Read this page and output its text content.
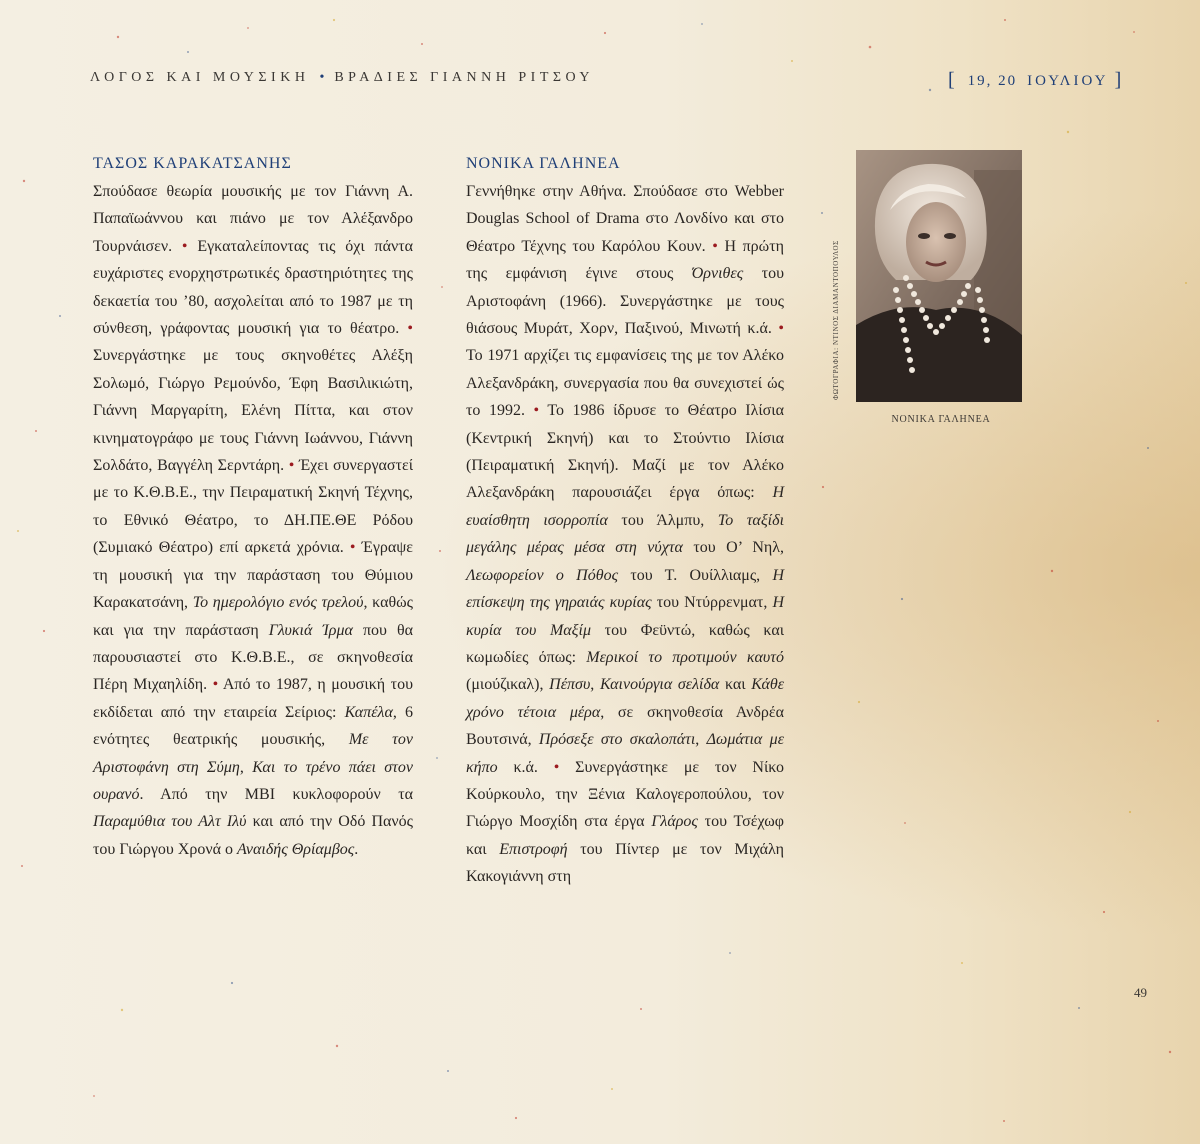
ΛΟΓΟΣ ΚΑΙ ΜΟΥΣΙΚΗ • ΒΡΑΔΙΕΣ ΓΙΑΝΝΗ ΡΙΤΣΟΥ	[ 19, 20 ΙΟΥΛΙΟΥ ]
ΤΑΣΟΣ ΚΑΡΑΚΑΤΣΑΝΗΣ

Σπούδασε θεωρία μουσικής με τον Γιάννη Α. Παπαϊωάννου και πιάνο με τον Αλέξανδρο Τουρνάισεν. • Εγκαταλείποντας τις όχι πάντα ευχάριστες ενορχηστρωτικές δραστηριότητες της δεκαετία του ’80, ασχολείται από το 1987 με τη σύνθεση, γράφοντας μουσική για το θέατρο. • Συνεργάστηκε με τους σκηνοθέτες Αλέξη Σολωμό, Γιώργο Ρεμούνδο, Έφη Βασιλικιώτη, Γιάννη Μαργαρίτη, Ελένη Πίττα, και στον κινηματογράφο με τους Γιάννη Ιωάννου, Γιάννη Σολδάτο, Βαγγέλη Σερντάρη. • Έχει συνεργαστεί με το Κ.Θ.Β.Ε., την Πειραματική Σκηνή Τέχνης, το Εθνικό Θέατρο, το ΔΗ.ΠΕ.ΘΕ Ρόδου (Συμιακό Θέατρο) επί αρκετά χρόνια. • Έγραψε τη μουσική για την παράσταση του Θύμιου Καρακατσάνη, Το ημερολόγιο ενός τρελού, καθώς και για την παράσταση Γλυκιά Ίρμα που θα παρουσιαστεί στο Κ.Θ.Β.Ε., σε σκηνοθεσία Πέρη Μιχαηλίδη. • Από το 1987, η μουσική του εκδίδεται από την εταιρεία Σείριος: Καπέλα, 6 ενότητες θεατρικής μουσικής, Με τον Αριστοφάνη στη Σύμη, Και το τρένο πάει στον ουρανό. Από την ΜΒΙ κυκλοφορούν τα Παραμύθια του Αλτ Ιλύ και από την Οδό Πανός του Γιώργου Χρονά ο Αναιδής Θρίαμβος.

ΝΟΝΙΚΑ ΓΑΛΗΝΕΑ

Γεννήθηκε στην Αθήνα. Σπούδασε στο Webber Douglas School of Drama στο Λονδίνο και στο Θέατρο Τέχνης του Καρόλου Κουν. • Η πρώτη της εμφάνιση έγινε στους Όρνιθες του Αριστοφάνη (1966). Συνεργάστηκε με τους θιάσους Μυράτ, Χορν, Παξινού, Μινωτή κ.ά. • Το 1971 αρχίζει τις εμφανίσεις της με τον Αλέκο Αλεξανδράκη, συνεργασία που θα συνεχιστεί ώς το 1992. • Το 1986 ίδρυσε το Θέατρο Ιλίσια (Κεντρική Σκηνή) και το Στούντιο Ιλίσια (Πειραματική Σκηνή). Μαζί με τον Αλέκο Αλεξανδράκη παρουσιάζει έργα όπως: Η ευαίσθητη ισορροπία του Άλμπυ, Το ταξίδι μεγάλης μέρας μέσα στη νύχτα του Ο’ Νηλ, Λεωφορείον ο Πόθος του Τ. Ουίλλιαμς, Η επίσκεψη της γηραιάς κυρίας του Ντύρρενματ, Η κυρία του Μαξίμ του Φεϋντώ, καθώς και κωμωδίες όπως: Μερικοί το προτιμούν καυτό (μιούζικαλ), Πέπσυ, Καινούργια σελίδα και Κάθε χρόνο τέτοια μέρα, σε σκηνοθεσία Ανδρέα Βουτσινά, Πρόσεξε στο σκαλοπάτι, Δωμάτια με κήπο κ.ά. • Συνεργάστηκε με τον Νίκο Κούρκουλο, την Ξένια Καλογεροπούλου, τον Γιώργο Μοσχίδη στα έργα Γλάρος του Τσέχωφ και Επιστροφή του Πίντερ με τον Μιχάλη Κακογιάννη στη

ΦΩΤΟΓΡΑΦΙΑ: ΝΤΙΝΟΣ ΔΙΑΜΑΝΤΟΠΟΥΛΟΣ
ΝΟΝΙΚΑ ΓΑΛΗΝΕΑ
49
